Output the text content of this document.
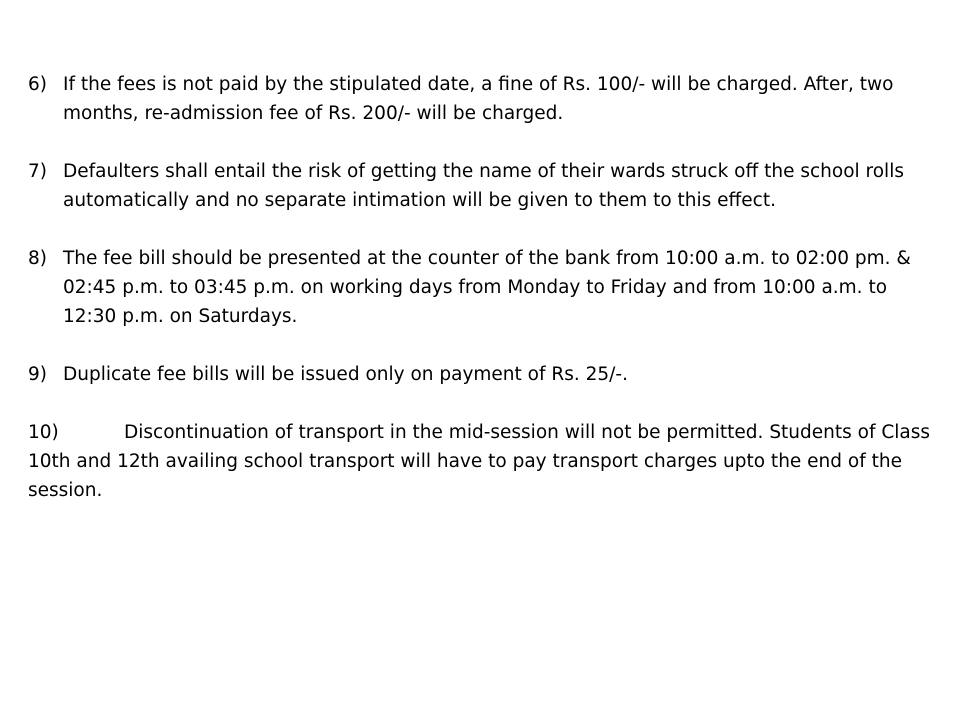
6) If the fees is not paid by the stipulated date, a fine of Rs. 100/- will be charged. After, two months, re-admission fee of Rs. 200/- will be charged.
7) Defaulters shall entail the risk of getting the name of their wards struck off the school rolls automatically and no separate intimation will be given to them to this effect.
8) The fee bill should be presented at the counter of the bank from 10:00 a.m. to 02:00 pm. & 02:45 p.m. to 03:45 p.m. on working days from Monday to Friday and from 10:00 a.m. to 12:30 p.m. on Saturdays.
9) Duplicate fee bills will be issued only on payment of Rs. 25/-.
10)	Discontinuation of transport in the mid-session will not be permitted. Students of Class 10th and 12th availing school transport will have to pay transport charges upto the end of the session.
